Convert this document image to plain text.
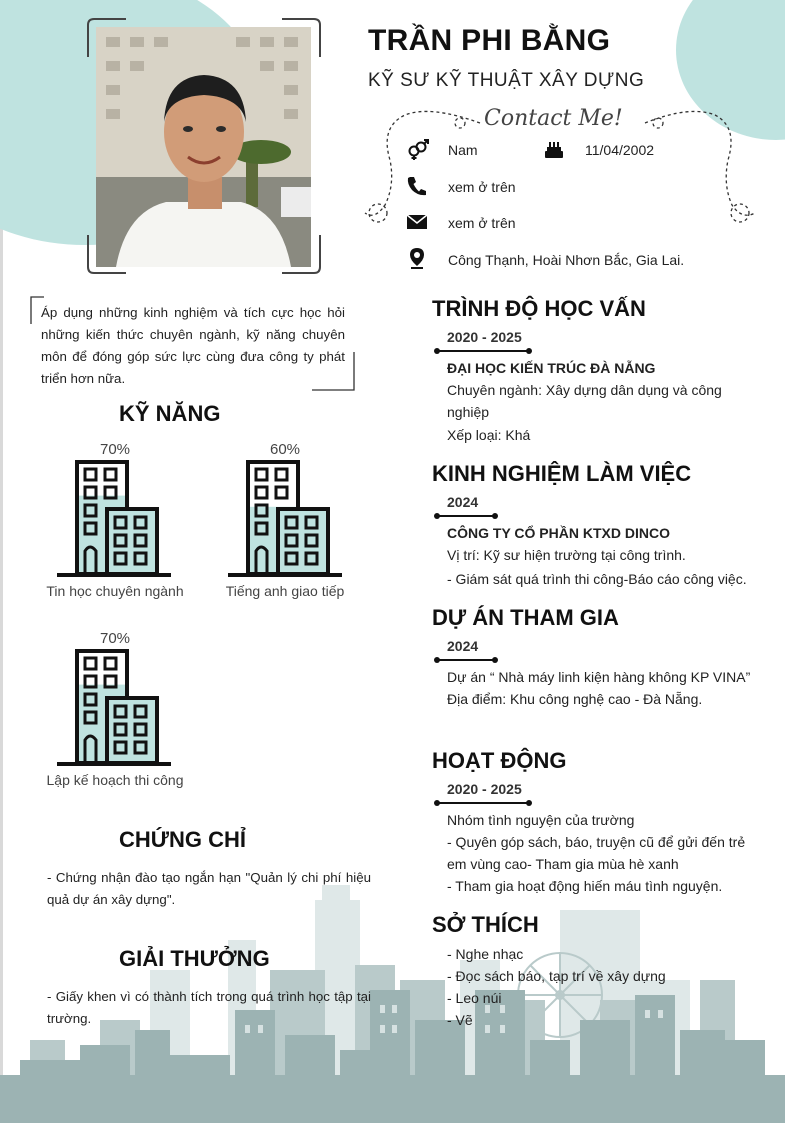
TRẦN PHI BẰNG
KỸ SƯ KỸ THUẬT XÂY DỰNG
Contact Me!
Nam	11/04/2002
xem ở trên
xem ở trên
Công Thạnh, Hoài Nhơn Bắc, Gia Lai.
Áp dụng những kinh nghiệm và tích cực học hỏi những kiến thức chuyên ngành, kỹ năng chuyên môn để đóng góp sức lực cùng đưa công ty phát triển hơn nữa.
KỸ NĂNG
70%	60%
70%
Tin học chuyên ngành	Tiếng anh giao tiếp
Lập kế hoạch thi công
CHỨNG CHỈ
- Chứng nhận đào tạo ngắn hạn "Quản lý chi phí hiệu quả dự án xây dựng".
GIẢI THƯỞNG
- Giấy khen vì có thành tích trong quá trình học tập tại trường.
TRÌNH ĐỘ HỌC VẤN
2020 - 2025
ĐẠI HỌC KIẾN TRÚC ĐÀ NẴNG
Chuyên ngành: Xây dựng dân dụng và công
nghiệp
Xếp loại: Khá
KINH NGHIỆM LÀM VIỆC
2024
CÔNG TY CỔ PHẦN KTXD DINCO
Vị trí: Kỹ sư hiện trường tại công trình.
- Giám sát quá trình thi công-Báo cáo công việc.
DỰ ÁN THAM GIA
2024
Dự án “ Nhà máy linh kiện hàng không KP VINA”
Địa điểm: Khu công nghệ cao - Đà Nẵng.
HOẠT ĐỘNG
2020 - 2025
Nhóm tình nguyện của trường
- Quyên góp sách, báo, truyện cũ để gửi đến trẻ
em vùng cao- Tham gia mùa hè xanh
- Tham gia hoạt động hiến máu tình nguyện.
SỞ THÍCH
- Nghe nhạc
- Đọc sách báo, tạp trí về xây dựng
- Leo núi
- Vẽ
